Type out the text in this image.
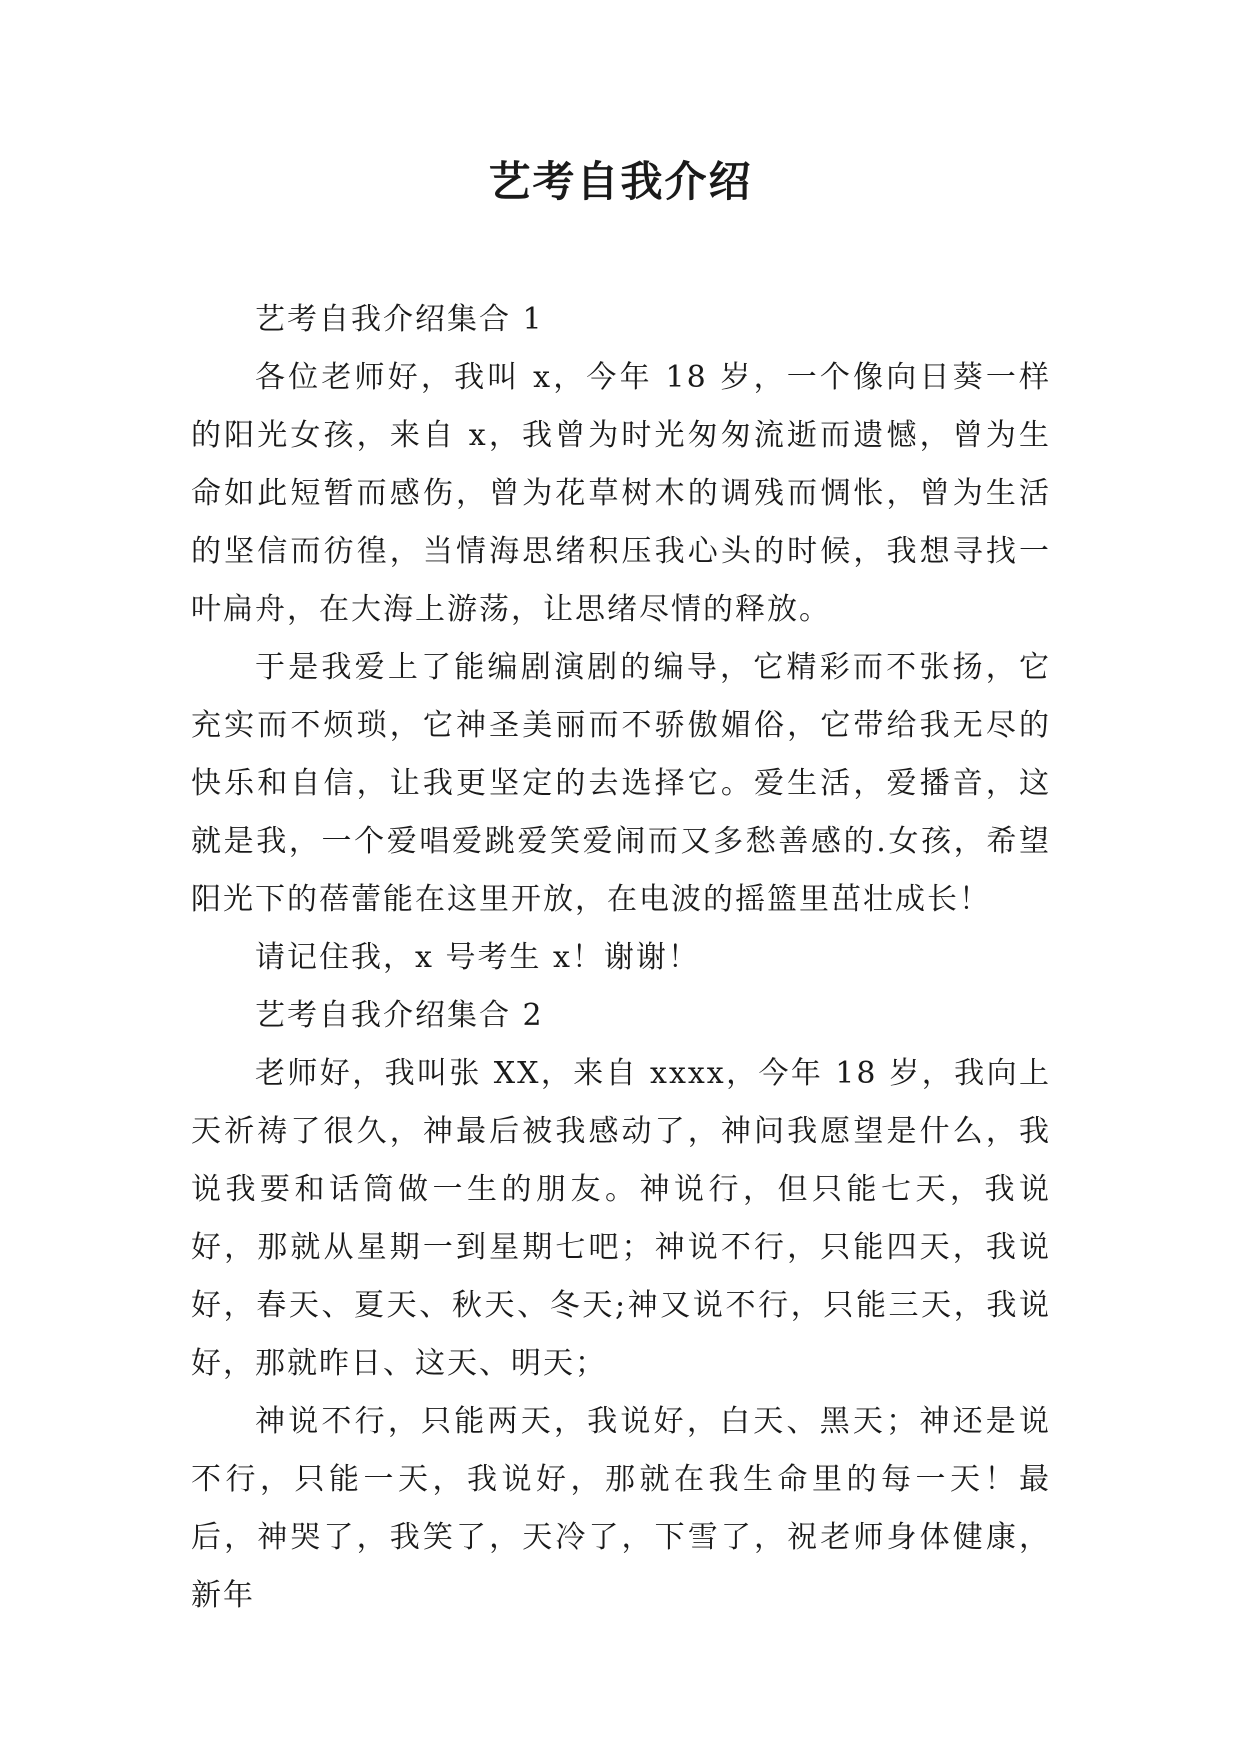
艺考自我介绍

艺考自我介绍集合 1

各位老师好，我叫 x，今年 18 岁，一个像向日葵一样的阳光女孩，来自 x，我曾为时光匆匆流逝而遗憾，曾为生命如此短暂而感伤，曾为花草树木的调残而惆怅，曾为生活的坚信而彷徨，当情海思绪积压我心头的时候，我想寻找一叶扁舟，在大海上游荡，让思绪尽情的释放。

于是我爱上了能编剧演剧的编导，它精彩而不张扬，它充实而不烦琐，它神圣美丽而不骄傲媚俗，它带给我无尽的快乐和自信，让我更坚定的去选择它。爱生活，爱播音，这就是我，一个爱唱爱跳爱笑爱闹而又多愁善感的.女孩，希望阳光下的蓓蕾能在这里开放，在电波的摇篮里茁壮成长！

请记住我，x 号考生 x！谢谢！

艺考自我介绍集合 2

老师好，我叫张 XX，来自 xxxx，今年 18 岁，我向上天祈祷了很久，神最后被我感动了，神问我愿望是什么，我说我要和话筒做一生的朋友。神说行，但只能七天，我说好，那就从星期一到星期七吧；神说不行，只能四天，我说好，春天、夏天、秋天、冬天;神又说不行，只能三天，我说好，那就昨日、这天、明天；

神说不行，只能两天，我说好，白天、黑天；神还是说不行，只能一天，我说好，那就在我生命里的每一天！最后，神哭了，我笑了，天冷了，下雪了，祝老师身体健康，新年
